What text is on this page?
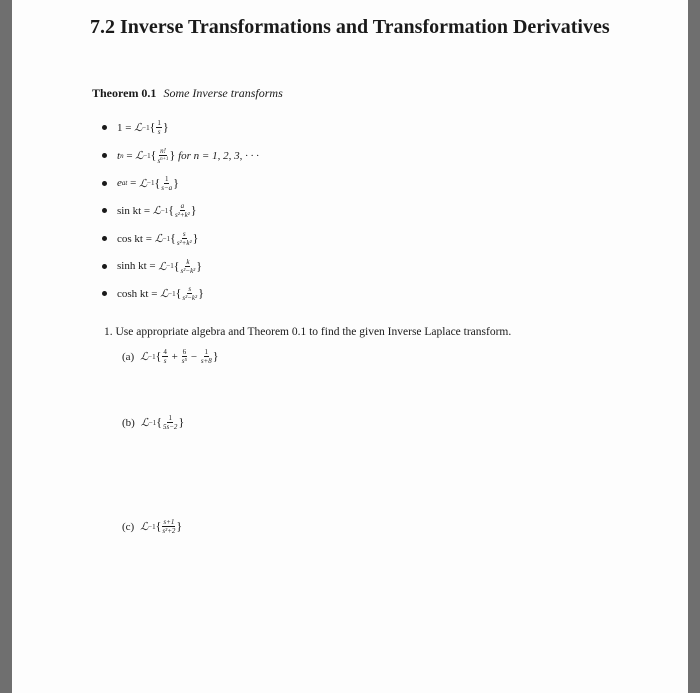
7.2 Inverse Transformations and Transformation Derivatives
Theorem 0.1 Some Inverse transforms
1
=
ℒ −1 { $\frac{1}{s}$ }
t n
=
ℒ −1 { $\frac{n!}{s^{n+1}}$ }
for n = 1, 2, 3, · · ·
e at
=
ℒ −1 { $\frac{1}{s-a}$ }
sin kt
=
ℒ −1 { $\frac{a}{\text{s²+k²}}$ }
cos kt
=
ℒ −1 { $\frac{s}{\text{s²+k²}}$ }
sinh kt
=
ℒ −1 { $\frac{k}{\text{s²−k²}}$ }
cosh kt
=
ℒ −1 { $\frac{s}{\text{s²−k²}}$ }
1. Use appropriate algebra and Theorem 0.1 to find the given Inverse Laplace transform.
(a) ℒ −1 { $\frac{4}{s}$
+
$\frac{6}{\text{s⁵}}$
−
$\frac{1}{s+8}$ }
(b) ℒ −1 { $\frac{1}{5s-2}$ }
(c) ℒ −1 { $\frac{s+1}{\text{s²+2}}$ }
